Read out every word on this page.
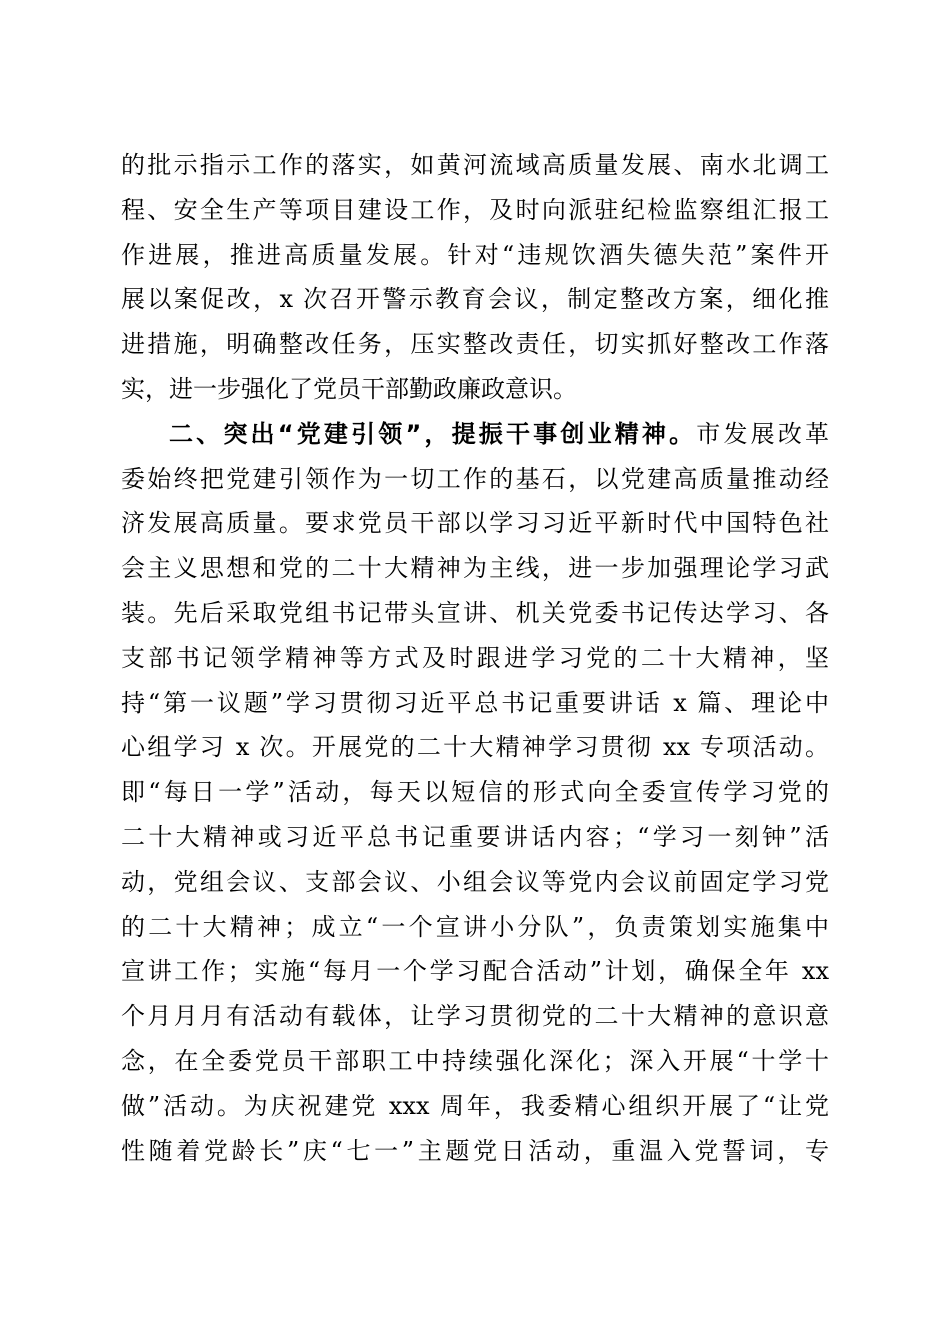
的批示指示工作的落实，如黄河流域高质量发展、南水北调工
程、安全生产等项目建设工作，及时向派驻纪检监察组汇报工
作进展，推进高质量发展。针对“违规饮酒失德失范”案件开
展以案促改，x 次召开警示教育会议，制定整改方案，细化推
进措施，明确整改任务，压实整改责任，切实抓好整改工作落
实，进一步强化了党员干部勤政廉政意识。
二、突出“党建引领”，提振干事创业精神。市发展改革
委始终把党建引领作为一切工作的基石，以党建高质量推动经
济发展高质量。要求党员干部以学习习近平新时代中国特色社
会主义思想和党的二十大精神为主线，进一步加强理论学习武
装。先后采取党组书记带头宣讲、机关党委书记传达学习、各
支部书记领学精神等方式及时跟进学习党的二十大精神，坚
持“第一议题”学习贯彻习近平总书记重要讲话 x 篇、理论中
心组学习 x 次。开展党的二十大精神学习贯彻 xx 专项活动。
即“每日一学”活动，每天以短信的形式向全委宣传学习党的
二十大精神或习近平总书记重要讲话内容；“学习一刻钟”活
动，党组会议、支部会议、小组会议等党内会议前固定学习党
的二十大精神；成立“一个宣讲小分队”，负责策划实施集中
宣讲工作；实施“每月一个学习配合活动”计划，确保全年 xx
个月月月有活动有载体，让学习贯彻党的二十大精神的意识意
念，在全委党员干部职工中持续强化深化；深入开展“十学十
做”活动。为庆祝建党 xxx 周年，我委精心组织开展了“让党
性随着党龄长”庆“七一”主题党日活动，重温入党誓词，专
